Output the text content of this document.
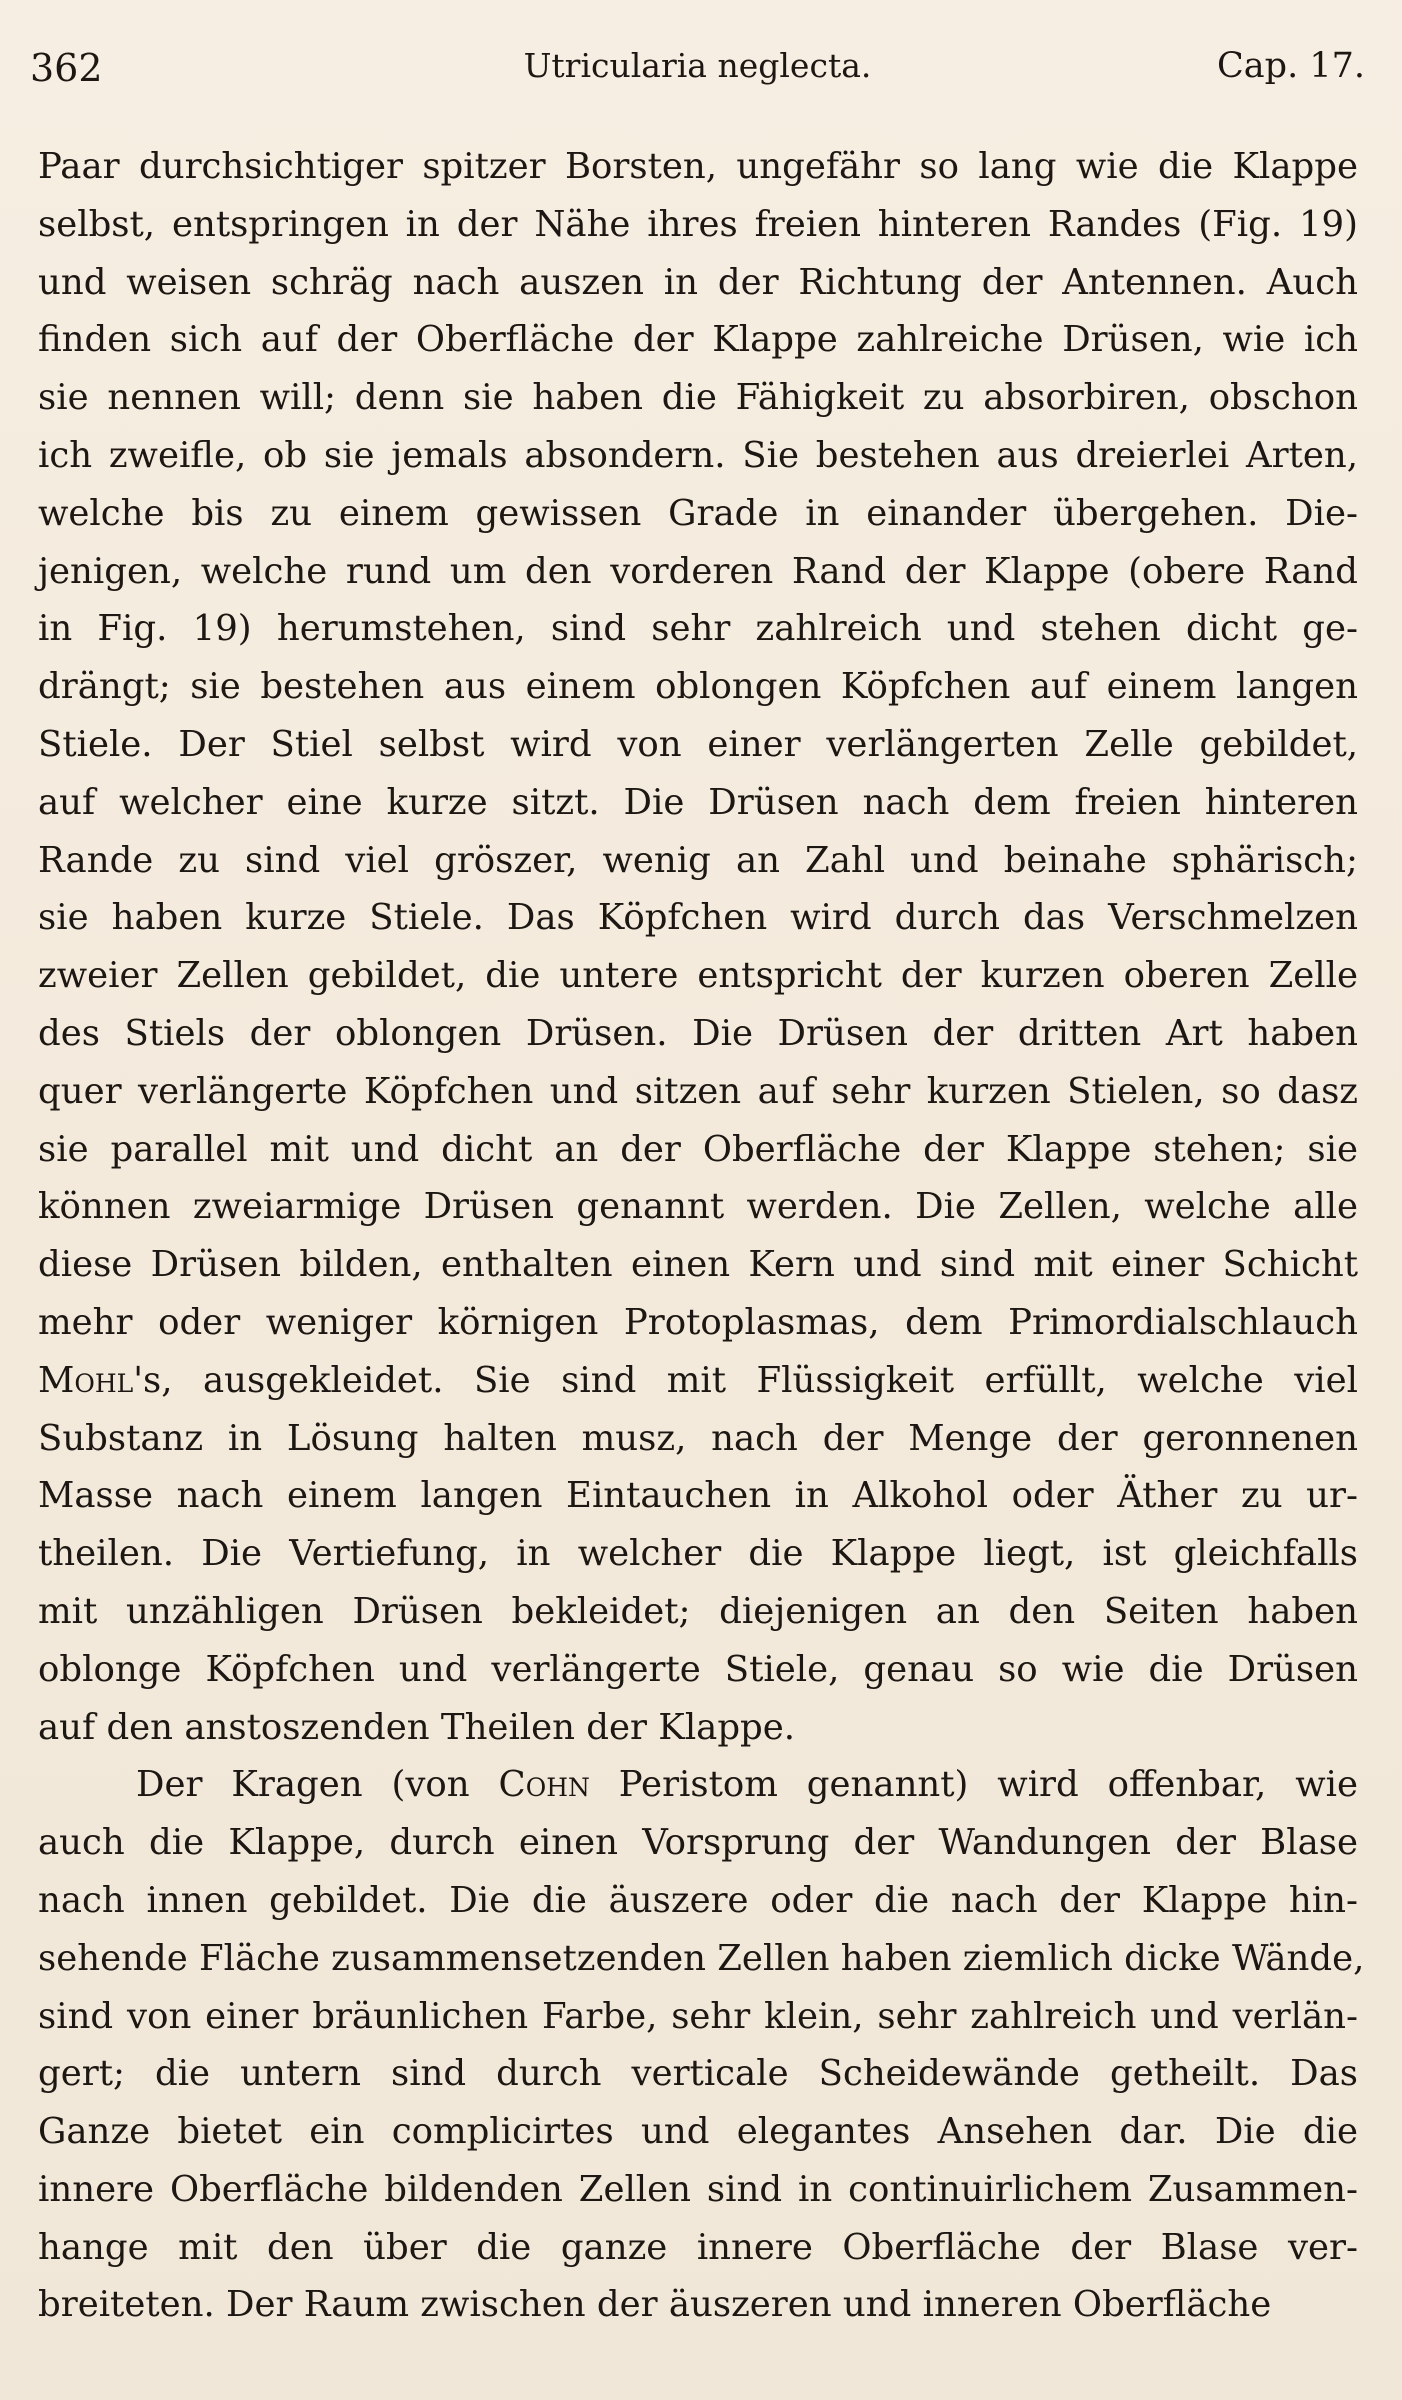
362	Utricularia neglecta.	Cap. 17.
Paar durchsichtiger spitzer Borsten, ungefähr so lang wie die Klappe
selbst, entspringen in der Nähe ihres freien hinteren Randes (Fig. 19)
und weisen schräg nach auszen in der Richtung der Antennen. Auch
finden sich auf der Oberfläche der Klappe zahlreiche Drüsen, wie ich
sie nennen will; denn sie haben die Fähigkeit zu absorbiren, obschon
ich zweifle, ob sie jemals absondern. Sie bestehen aus dreierlei Arten,
welche bis zu einem gewissen Grade in einander übergehen. Die-
jenigen, welche rund um den vorderen Rand der Klappe (obere Rand
in Fig. 19) herumstehen, sind sehr zahlreich und stehen dicht ge-
drängt; sie bestehen aus einem oblongen Köpfchen auf einem langen
Stiele. Der Stiel selbst wird von einer verlängerten Zelle gebildet,
auf welcher eine kurze sitzt. Die Drüsen nach dem freien hinteren
Rande zu sind viel gröszer, wenig an Zahl und beinahe sphärisch;
sie haben kurze Stiele. Das Köpfchen wird durch das Verschmelzen
zweier Zellen gebildet, die untere entspricht der kurzen oberen Zelle
des Stiels der oblongen Drüsen. Die Drüsen der dritten Art haben
quer verlängerte Köpfchen und sitzen auf sehr kurzen Stielen, so dasz
sie parallel mit und dicht an der Oberfläche der Klappe stehen; sie
können zweiarmige Drüsen genannt werden. Die Zellen, welche alle
diese Drüsen bilden, enthalten einen Kern und sind mit einer Schicht
mehr oder weniger körnigen Protoplasmas, dem Primordialschlauch
Mohl's, ausgekleidet. Sie sind mit Flüssigkeit erfüllt, welche viel
Substanz in Lösung halten musz, nach der Menge der geronnenen
Masse nach einem langen Eintauchen in Alkohol oder Äther zu ur-
theilen. Die Vertiefung, in welcher die Klappe liegt, ist gleichfalls
mit unzähligen Drüsen bekleidet; diejenigen an den Seiten haben
oblonge Köpfchen und verlängerte Stiele, genau so wie die Drüsen
auf den anstoszenden Theilen der Klappe.
Der Kragen (von Cohn Peristom genannt) wird offenbar, wie
auch die Klappe, durch einen Vorsprung der Wandungen der Blase
nach innen gebildet. Die die äuszere oder die nach der Klappe hin-
sehende Fläche zusammensetzenden Zellen haben ziemlich dicke Wände,
sind von einer bräunlichen Farbe, sehr klein, sehr zahlreich und verlän-
gert; die untern sind durch verticale Scheidewände getheilt. Das
Ganze bietet ein complicirtes und elegantes Ansehen dar. Die die
innere Oberfläche bildenden Zellen sind in continuirlichem Zusammen-
hange mit den über die ganze innere Oberfläche der Blase ver-
breiteten. Der Raum zwischen der äuszeren und inneren Oberfläche
